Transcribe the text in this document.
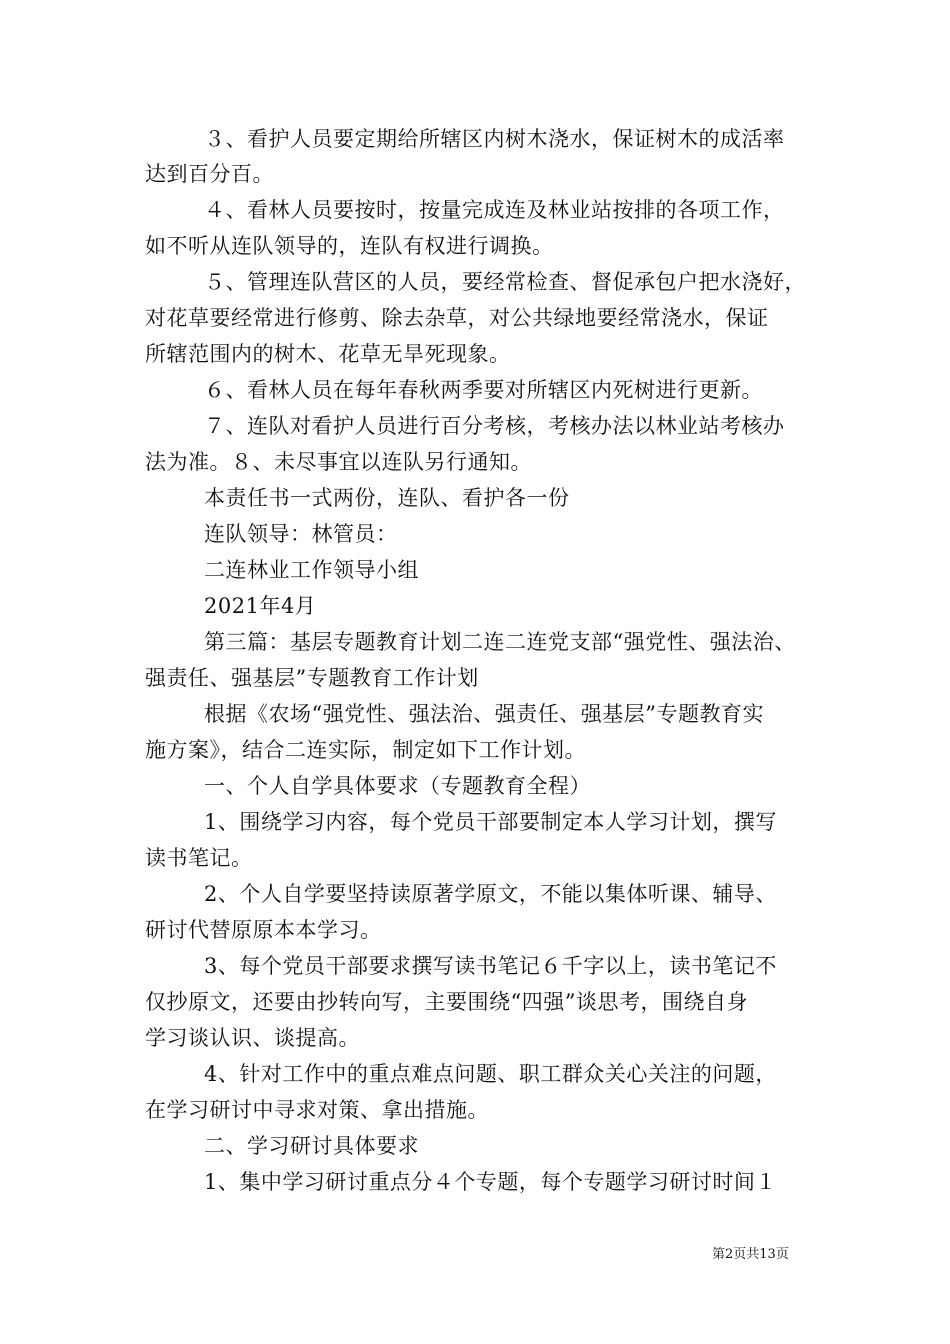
３、看护人员要定期给所辖区内树木浇水，保证树木的成活率
达到百分百。
４、看林人员要按时，按量完成连及林业站按排的各项工作，
如不听从连队领导的，连队有权进行调换。
５、管理连队营区的人员，要经常检查、督促承包户把水浇好，
对花草要经常进行修剪、除去杂草，对公共绿地要经常浇水，保证
所辖范围内的树木、花草无旱死现象。
６、看林人员在每年春秋两季要对所辖区内死树进行更新。
７、连队对看护人员进行百分考核，考核办法以林业站考核办
法为准。８、未尽事宜以连队另行通知。
本责任书一式两份，连队、看护各一份
连队领导：林管员：
二连林业工作领导小组
2021年4月
第三篇：基层专题教育计划二连二连党支部“强党性、强法治、
强责任、强基层”专题教育工作计划
根据《农场“强党性、强法治、强责任、强基层”专题教育实
施方案》，结合二连实际，制定如下工作计划。
一、个人自学具体要求（专题教育全程）
1、围绕学习内容，每个党员干部要制定本人学习计划，撰写
读书笔记。
2、个人自学要坚持读原著学原文，不能以集体听课、辅导、
研讨代替原原本本学习。
3、每个党员干部要求撰写读书笔记６千字以上，读书笔记不
仅抄原文，还要由抄转向写，主要围绕“四强”谈思考，围绕自身
学习谈认识、谈提高。
4、针对工作中的重点难点问题、职工群众关心关注的问题，
在学习研讨中寻求对策、拿出措施。
二、学习研讨具体要求
1、集中学习研讨重点分４个专题，每个专题学习研讨时间１
第2页共13页
